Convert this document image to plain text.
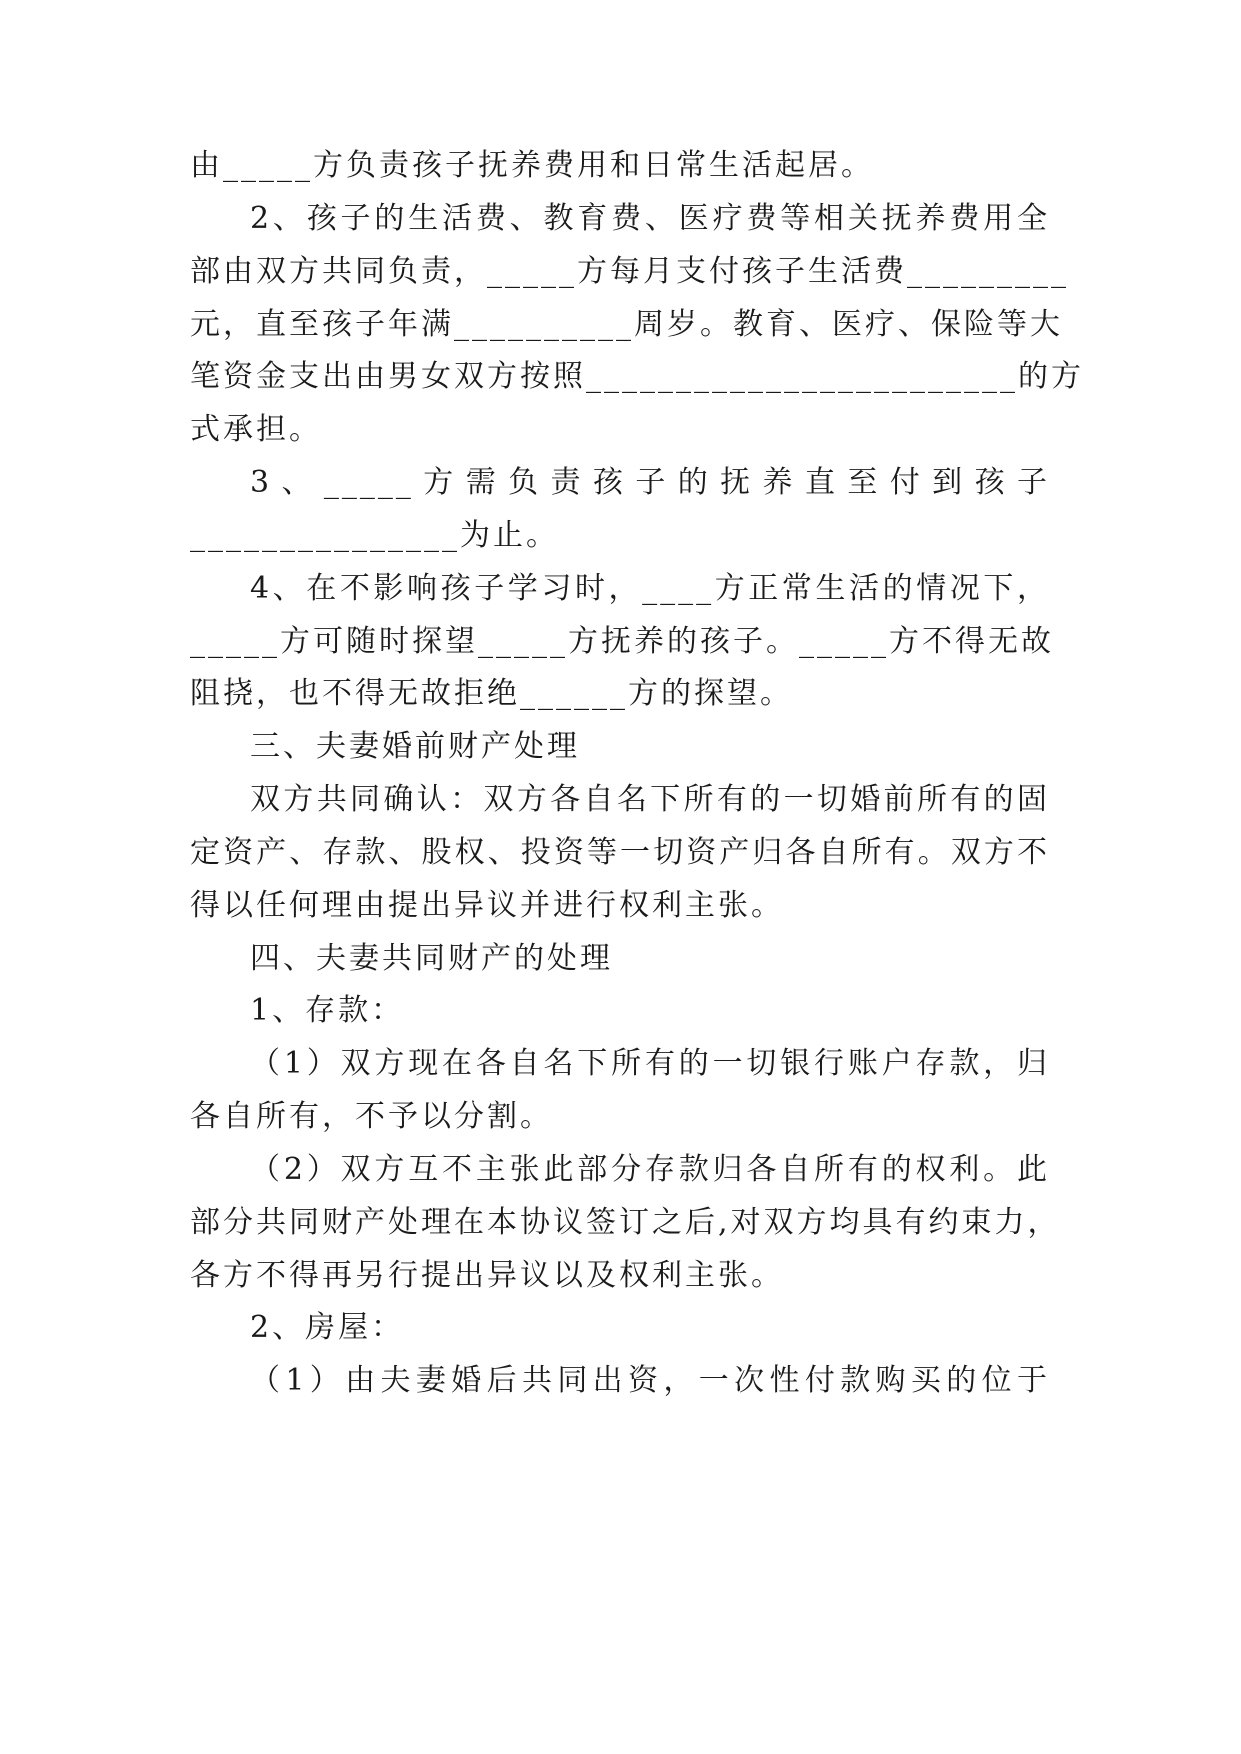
由_____方负责孩子抚养费用和日常生活起居。
2、孩子的生活费、教育费、医疗费等相关抚养费用全
部由双方共同负责，_____方每月支付孩子生活费_________
元，直至孩子年满__________周岁。教育、医疗、保险等大
笔资金支出由男女双方按照________________________的方
式承担。
3、_____方需负责孩子的抚养直至付到孩子
_______________为止。
4、在不影响孩子学习时，____方正常生活的情况下，
_____方可随时探望_____方抚养的孩子。_____方不得无故
阻挠，也不得无故拒绝______方的探望。
三、夫妻婚前财产处理
双方共同确认：双方各自名下所有的一切婚前所有的固
定资产、存款、股权、投资等一切资产归各自所有。双方不
得以任何理由提出异议并进行权利主张。
四、夫妻共同财产的处理
1、存款：
（1）双方现在各自名下所有的一切银行账户存款，归
各自所有，不予以分割。
（2）双方互不主张此部分存款归各自所有的权利。此
部分共同财产处理在本协议签订之后,对双方均具有约束力，
各方不得再另行提出异议以及权利主张。
2、房屋：
（1）由夫妻婚后共同出资，一次性付款购买的位于
